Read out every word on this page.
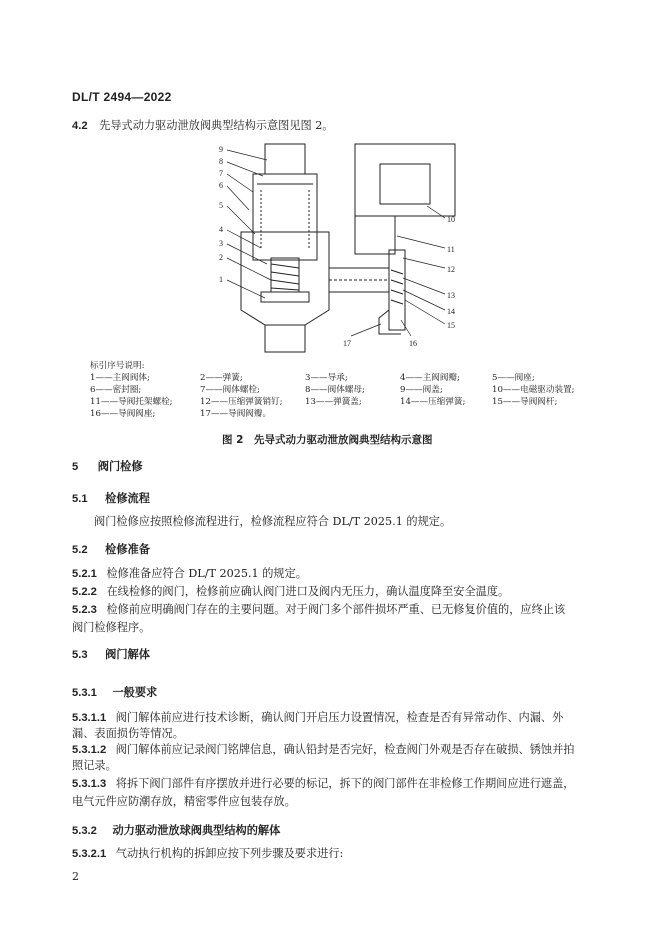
DL/T 2494—2022
4.2 先导式动力驱动泄放阀典型结构示意图见图 2。
9
8
7
6
5
4
3
2
1
10
11
12
13
14
15
16
17
标引序号说明:
1——主阀阀体;	2——弹簧;	3——导承;	4——主阀阀瓣;	5——阀座;
6——密封圈;	7——阀体螺栓;	8——阀体螺母;	9——阀盖;	10——电磁驱动装置;
11——导阀托架螺栓;	12——压缩弹簧销钉;	13——弹簧盖;	14——压缩弹簧;	15——导阀阀杆;
16——导阀阀座;	17——导阀阀瓣。
图 2　先导式动力驱动泄放阀典型结构示意图
5 阀门检修
5.1 检修流程
阀门检修应按照检修流程进行，检修流程应符合 DL/T 2025.1 的规定。
5.2 检修准备
5.2.1 检修准备应符合 DL/T 2025.1 的规定。
5.2.2 在线检修的阀门，检修前应确认阀门进口及阀内无压力，确认温度降至安全温度。
5.2.3 检修前应明确阀门存在的主要问题。对于阀门多个部件损坏严重、已无修复价值的，应终止该
阀门检修程序。
5.3 阀门解体
5.3.1 一般要求
5.3.1.1 阀门解体前应进行技术诊断，确认阀门开启压力设置情况，检查是否有异常动作、内漏、外
漏、表面损伤等情况。
5.3.1.2 阀门解体前应记录阀门铭牌信息，确认铅封是否完好，检查阀门外观是否存在破损、锈蚀并拍
照记录。
5.3.1.3 将拆下阀门部件有序摆放并进行必要的标记，拆下的阀门部件在非检修工作期间应进行遮盖，
电气元件应防潮存放，精密零件应包装存放。
5.3.2 动力驱动泄放球阀典型结构的解体
5.3.2.1 气动执行机构的拆卸应按下列步骤及要求进行:
2
